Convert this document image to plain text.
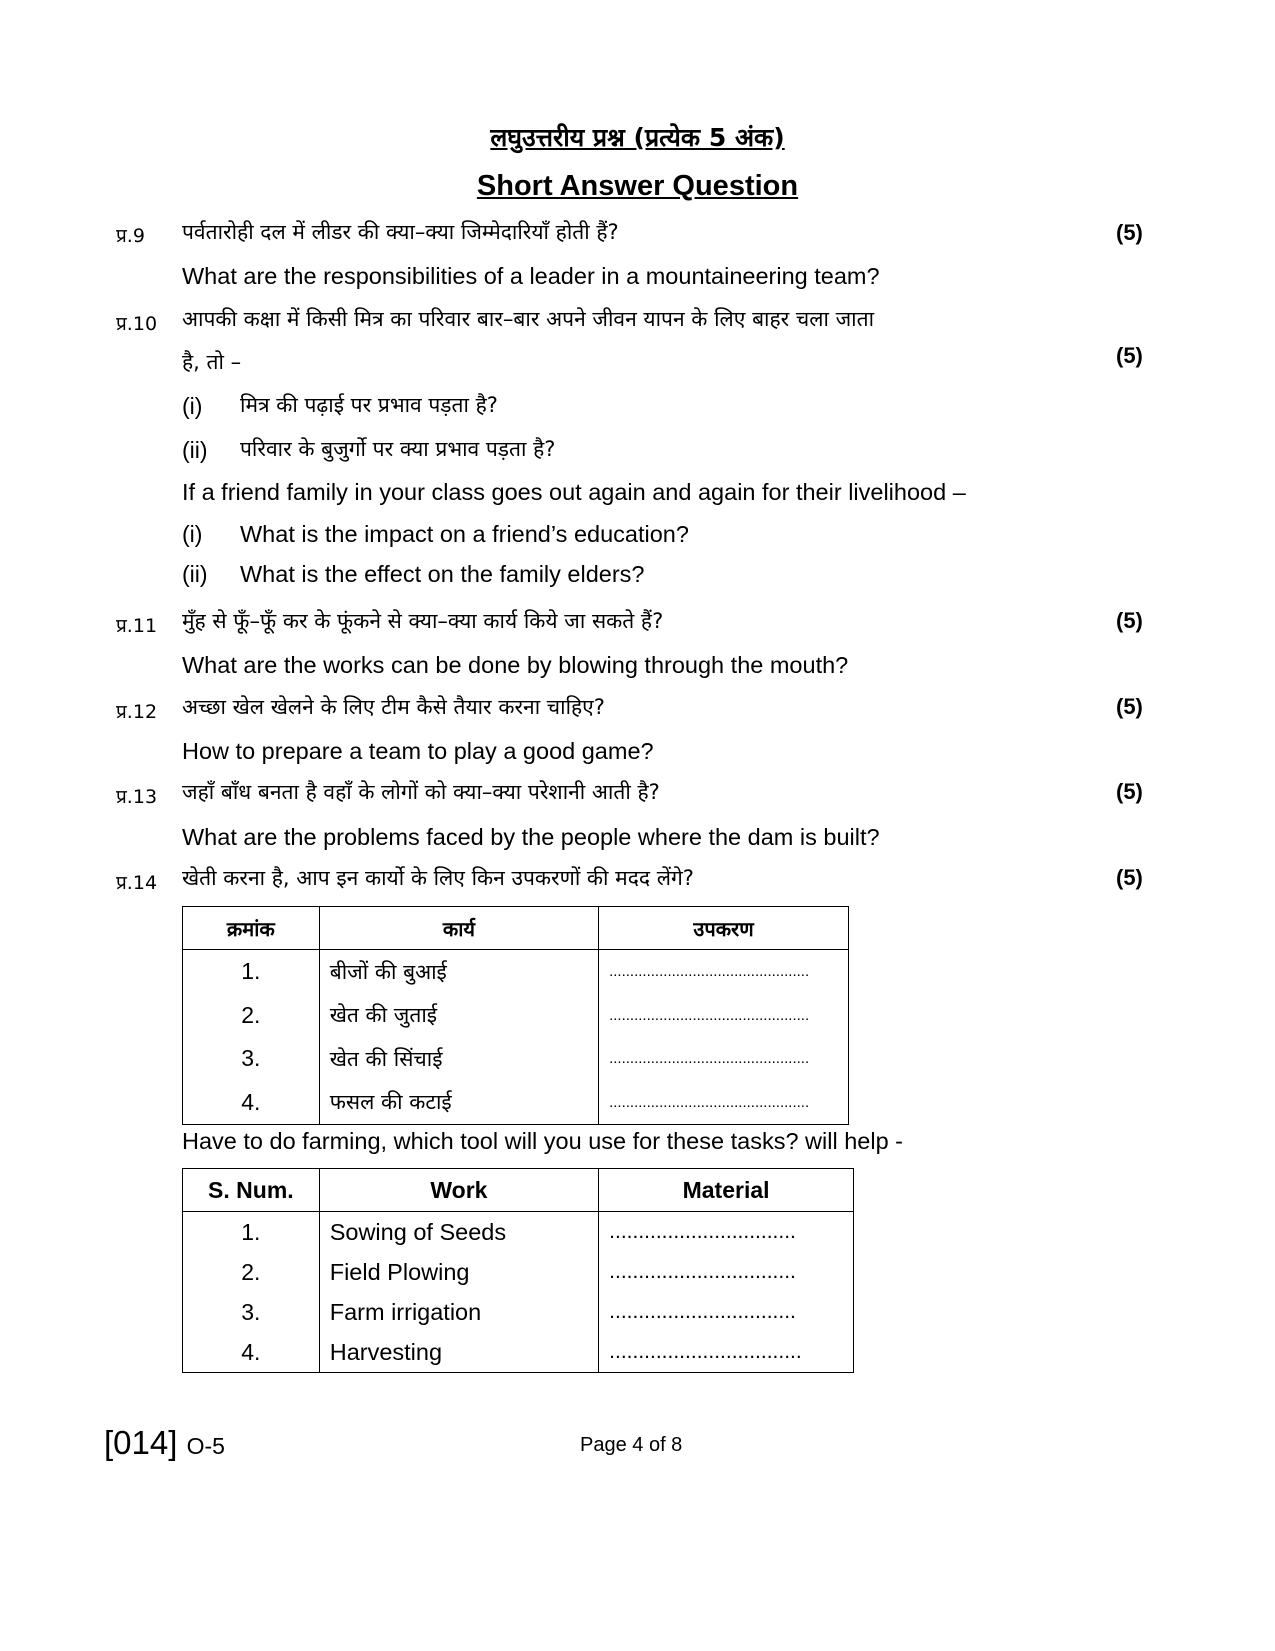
लघुउत्तरीय प्रश्न (प्रत्येक 5 अंक)
Short Answer Question
प्र.9 पर्वतारोही दल में लीडर की क्या–क्या जिम्मेदारियाँ होती हैं?	(5)
What are the responsibilities of a leader in a mountaineering team?
प्र.10 आपकी कक्षा में किसी मित्र का परिवार बार–बार अपने जीवन यापन के लिए बाहर चला जाता
है, तो –	(5)
(i) मित्र की पढ़ाई पर प्रभाव पड़ता है?
(ii) परिवार के बुजुर्गो पर क्या प्रभाव पड़ता है?
If a friend family in your class goes out again and again for their livelihood –
(i) What is the impact on a friend’s education?
(ii) What is the effect on the family elders?
प्र.11 मुँह से फूँ–फूँ कर के फूंकने से क्या–क्या कार्य किये जा सकते हैं?	(5)
What are the works can be done by blowing through the mouth?
प्र.12 अच्छा खेल खेलने के लिए टीम कैसे तैयार करना चाहिए?	(5)
How to prepare a team to play a good game?
प्र.13 जहाँ बाँध बनता है वहाँ के लोगों को क्या–क्या परेशानी आती है?	(5)
What are the problems faced by the people where the dam is built?
प्र.14 खेती करना है, आप इन कार्यो के लिए किन उपकरणों की मदद लेंगे?	(5)
क्रमांक	कार्य	उपकरण
1.	बीजों की बुआई	................................................
2.	खेत की जुताई	................................................
3.	खेत की सिंचाई	................................................
4.	फसल की कटाई	................................................
Have to do farming, which tool will you use for these tasks? will help -
S. Num.	Work	Material
1.	Sowing of Seeds	................................
2.	Field Plowing	................................
3.	Farm irrigation	................................
4.	Harvesting	.................................
[014] O-5	Page 4 of 8
